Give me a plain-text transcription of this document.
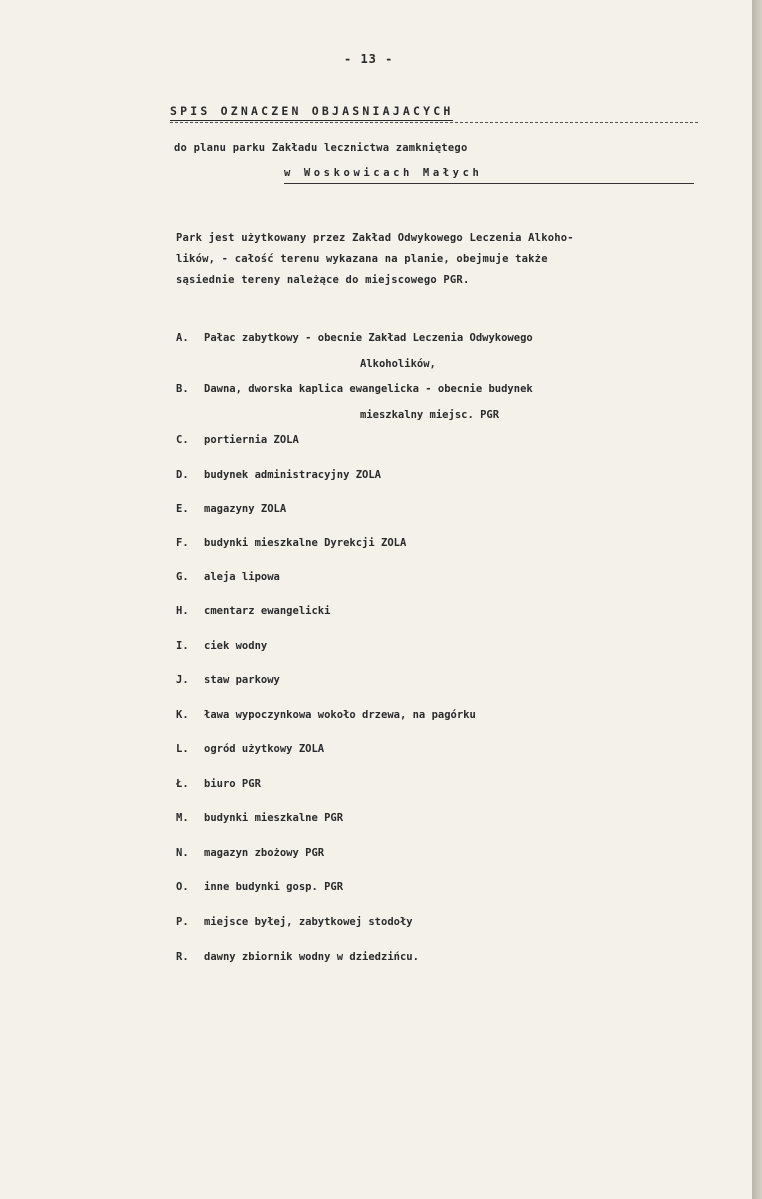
- 13 -
SPIS OZNACZEN OBJASNIAJACYCH
do planu parku Zakładu lecznictwa zamkniętego
w Woskowicach Małych
Park jest użytkowany przez Zakład Odwykowego Leczenia Alkoho-
lików, - całość terenu wykazana na planie, obejmuje także
sąsiednie tereny należące do miejscowego PGR.
A. Pałac zabytkowy - obecnie Zakład Leczenia Odwykowego
Alkoholików,
B. Dawna, dworska kaplica ewangelicka - obecnie budynek
mieszkalny miejsc. PGR
C. portiernia ZOLA
D. budynek administracyjny ZOLA
E. magazyny ZOLA
F. budynki mieszkalne Dyrekcji ZOLA
G. aleja lipowa
H. cmentarz ewangelicki
I. ciek wodny
J. staw parkowy
K. ława wypoczynkowa wokoło drzewa, na pagórku
L. ogród użytkowy ZOLA
Ł. biuro PGR
M. budynki mieszkalne PGR
N. magazyn zbożowy PGR
O. inne budynki gosp. PGR
P. miejsce byłej, zabytkowej stodoły
R. dawny zbiornik wodny w dziedzińcu.
